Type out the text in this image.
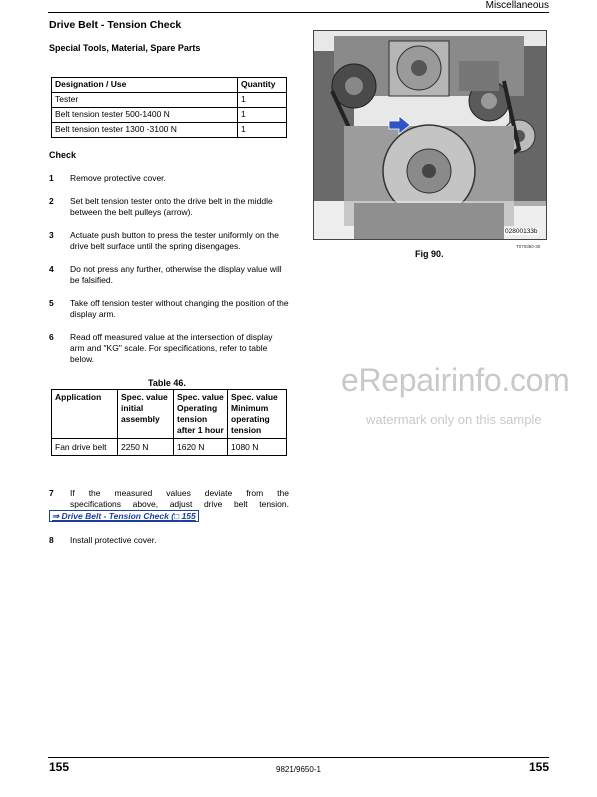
Miscellaneous
Drive Belt - Tension Check
Special Tools, Material, Spare Parts
Designation / Use	Quantity
Tester	1
Belt tension tester 500-1400 N	1
Belt tension tester 1300 -3100 N	1
Check
1 Remove protective cover.
2 Set belt tension tester onto the drive belt in the middle between the belt pulleys (arrow).
3 Actuate push button to press the tester uniformly on the drive belt surface until the spring disengages.
4 Do not press any further, otherwise the display value will be falsified.
5 Take off tension tester without changing the position of the display arm.
6 Read off measured value at the intersection of display arm and "KG" scale. For specifications, refer to table below.
Table 46.
Application	Spec. value initial assembly	Spec. value Operating tension after 1 hour	Spec. value Minimum operating tension
Fan drive belt	2250 N	1620 N	1080 N
7 If the measured values deviate from the
specifications above, adjust drive belt tension.
⇒ Drive Belt - Tension Check (□ 155
8 Install protective cover.
02800133b
T070360-30
Fig 90.
eRepairinfo.com
watermark only on this sample
155	9821/9650-1	155
